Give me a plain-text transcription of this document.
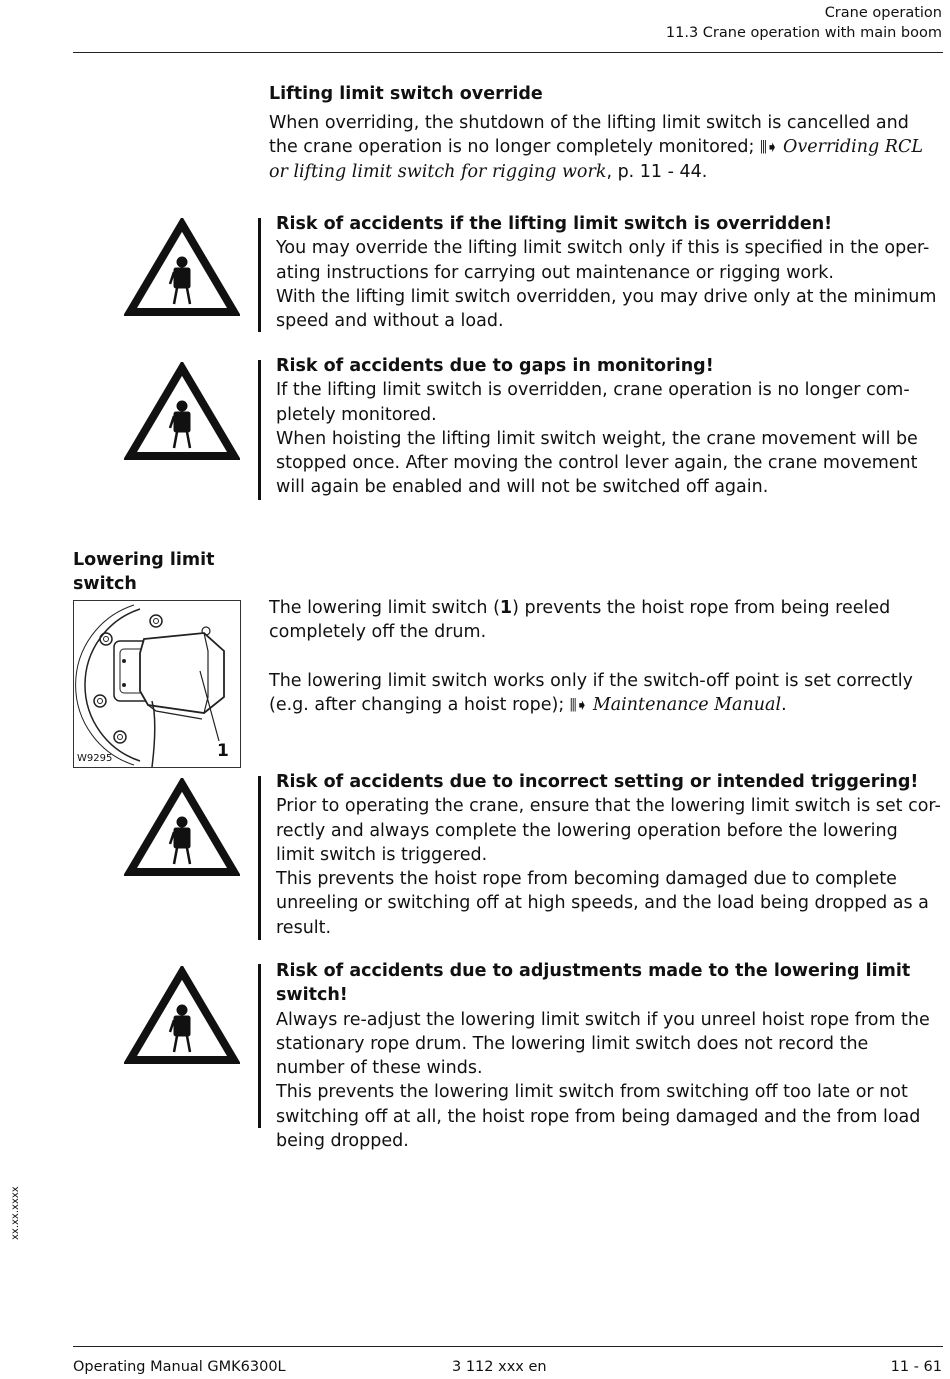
Crane operation
11.3 Crane operation with main boom
Lifting limit switch override

When overriding, the shutdown of the lifting limit switch is cancelled and the crane operation is no longer completely monitored; ⫼➧ Overriding RCL or lifting limit switch for rigging work, p. 11 - 44.

Risk of accidents if the lifting limit switch is overridden!
You may override the lifting limit switch only if this is specified in the oper-
ating instructions for carrying out maintenance or rigging work.
With the lifting limit switch overridden, you may drive only at the minimum
speed and without a load.
Risk of accidents due to gaps in monitoring!
If the lifting limit switch is overridden, crane operation is no longer com-
pletely monitored.
When hoisting the lifting limit switch weight, the crane movement will be
stopped once. After moving the control lever again, the crane movement
will again be enabled and will not be switched off again.
Lowering limit
switch
W9295	1

The lowering limit switch (1) prevents the hoist rope from being reeled completely off the drum.

The lowering limit switch works only if the switch-off point is set correctly (e.g. after changing a hoist rope); ⫼➧ Maintenance Manual.

Risk of accidents due to incorrect setting or intended triggering!
Prior to operating the crane, ensure that the lowering limit switch is set cor-
rectly and always complete the lowering operation before the lowering
limit switch is triggered.
This prevents the hoist rope from becoming damaged due to complete
unreeling or switching off at high speeds, and the load being dropped as a
result.
Risk of accidents due to adjustments made to the lowering limit switch!
Always re-adjust the lowering limit switch if you unreel hoist rope from the
stationary rope drum. The lowering limit switch does not record the
number of these winds.
This prevents the lowering limit switch from switching off too late or not
switching off at all, the hoist rope from being damaged and the from load
being dropped.
xx.xx.xxxx
Operating Manual GMK6300L	3 112 xxx en	11 - 61
